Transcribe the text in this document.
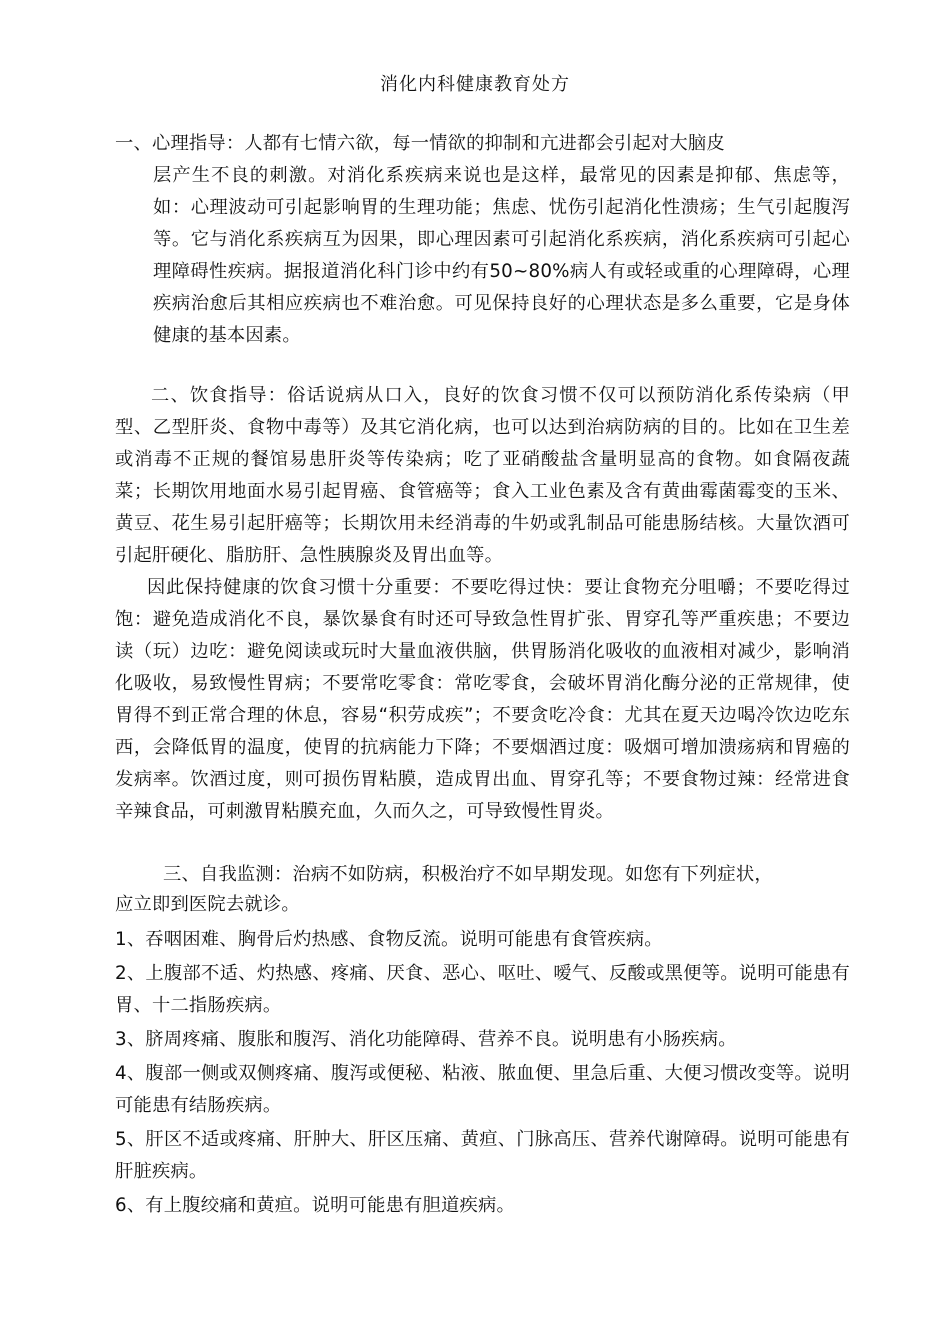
消化内科健康教育处方
一、心理指导：人都有七情六欲，每一情欲的抑制和亢进都会引起对大脑皮
层产生不良的刺激。对消化系疾病来说也是这样，最常见的因素是抑郁、焦虑等，如：心理波动可引起影响胃的生理功能；焦虑、忧伤引起消化性溃疡；生气引起腹泻等。它与消化系疾病互为因果，即心理因素可引起消化系疾病，消化系疾病可引起心理障碍性疾病。据报道消化科门诊中约有50~80%病人有或轻或重的心理障碍，心理疾病治愈后其相应疾病也不难治愈。可见保持良好的心理状态是多么重要，它是身体健康的基本因素。
二、饮食指导：俗话说病从口入，良好的饮食习惯不仅可以预防消化系传染病（甲型、乙型肝炎、食物中毒等）及其它消化病，也可以达到治病防病的目的。比如在卫生差或消毒不正规的餐馆易患肝炎等传染病；吃了亚硝酸盐含量明显高的食物。如食隔夜蔬菜；长期饮用地面水易引起胃癌、食管癌等；食入工业色素及含有黄曲霉菌霉变的玉米、黄豆、花生易引起肝癌等；长期饮用未经消毒的牛奶或乳制品可能患肠结核。大量饮酒可引起肝硬化、脂肪肝、急性胰腺炎及胃出血等。
因此保持健康的饮食习惯十分重要：不要吃得过快：要让食物充分咀嚼；不要吃得过饱：避免造成消化不良，暴饮暴食有时还可导致急性胃扩张、胃穿孔等严重疾患；不要边读（玩）边吃：避免阅读或玩时大量血液供脑，供胃肠消化吸收的血液相对减少，影响消化吸收，易致慢性胃病；不要常吃零食：常吃零食，会破坏胃消化酶分泌的正常规律，使胃得不到正常合理的休息，容易“积劳成疾”；不要贪吃冷食：尤其在夏天边喝冷饮边吃东西，会降低胃的温度，使胃的抗病能力下降；不要烟酒过度：吸烟可增加溃疡病和胃癌的发病率。饮酒过度，则可损伤胃粘膜，造成胃出血、胃穿孔等；不要食物过辣：经常进食辛辣食品，可刺激胃粘膜充血，久而久之，可导致慢性胃炎。
三、自我监测：治病不如防病，积极治疗不如早期发现。如您有下列症状，
应立即到医院去就诊。
1、吞咽困难、胸骨后灼热感、食物反流。说明可能患有食管疾病。
2、上腹部不适、灼热感、疼痛、厌食、恶心、呕吐、嗳气、反酸或黑便等。说明可能患有胃、十二指肠疾病。
3、脐周疼痛、腹胀和腹泻、消化功能障碍、营养不良。说明患有小肠疾病。
4、腹部一侧或双侧疼痛、腹泻或便秘、粘液、脓血便、里急后重、大便习惯改变等。说明可能患有结肠疾病。
5、肝区不适或疼痛、肝肿大、肝区压痛、黄疸、门脉高压、营养代谢障碍。说明可能患有肝脏疾病。
6、有上腹绞痛和黄疸。说明可能患有胆道疾病。
